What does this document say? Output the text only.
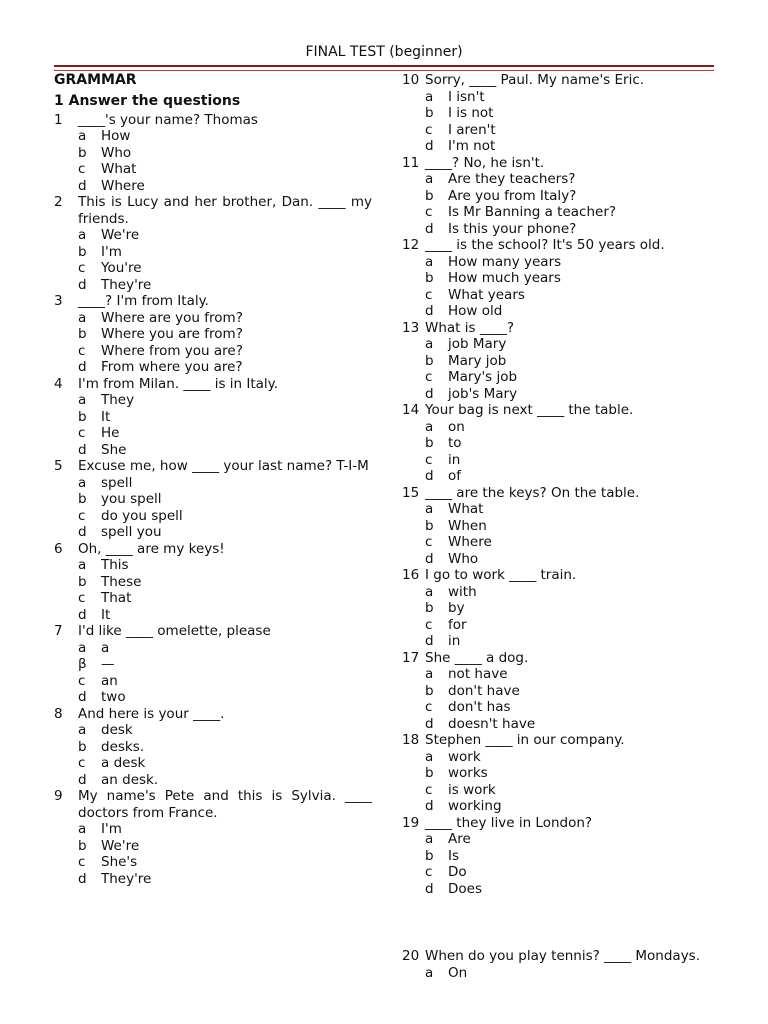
FINAL TEST (beginner)
GRAMMAR
1 Answer the questions
1	____'s your name? Thomas
a	How
b	Who
c	What
d	Where
2	This is Lucy and her brother, Dan. ____ my friends.
a	We're
b	I'm
c	You're
d	They're
3	____? I'm from Italy.
a	Where are you from?
b	Where you are from?
c	Where from you are?
d	From where you are?
4	I'm from Milan. ____ is in Italy.
a	They
b	It
c	He
d	She
5	Excuse me, how ____ your last name? T-I-M
a	spell
b	you spell
c	do you spell
d	spell you
6	Oh, ____ are my keys!
a	This
b	These
c	That
d	It
7	I'd like ____ omelette, please
a	a
β	—
c	an
d	two
8	And here is your ____.
a	desk
b	desks.
c	a desk
d	an desk.
9	My name's Pete and this is Sylvia. ____ doctors from France.
a	I'm
b	We're
c	She's
d	They're
10 Sorry, ____ Paul. My name's Eric.
a	I isn't
b	I is not
c	I aren't
d	I'm not
11 ____? No, he isn't.
a	Are they teachers?
b	Are you from Italy?
c	Is Mr Banning a teacher?
d	Is this your phone?
12 ____ is the school? It's 50 years old.
a	How many years
b	How much years
c	What years
d	How old
13 What is ____?
a	job Mary
b	Mary job
c	Mary's job
d	job's Mary
14 Your bag is next ____ the table.
a	on
b	to
c	in
d	of
15 ____ are the keys? On the table.
a	What
b	When
c	Where
d	Who
16 I go to work ____ train.
a	with
b	by
c	for
d	in
17 She ____ a dog.
a	not have
b	don't have
c	don't has
d	doesn't have
18 Stephen ____ in our company.
a	work
b	works
c	is work
d	working
19 ____ they live in London?
a	Are
b	Is
c	Do
d	Does
20 When do you play tennis? ____ Mondays.
a	On
